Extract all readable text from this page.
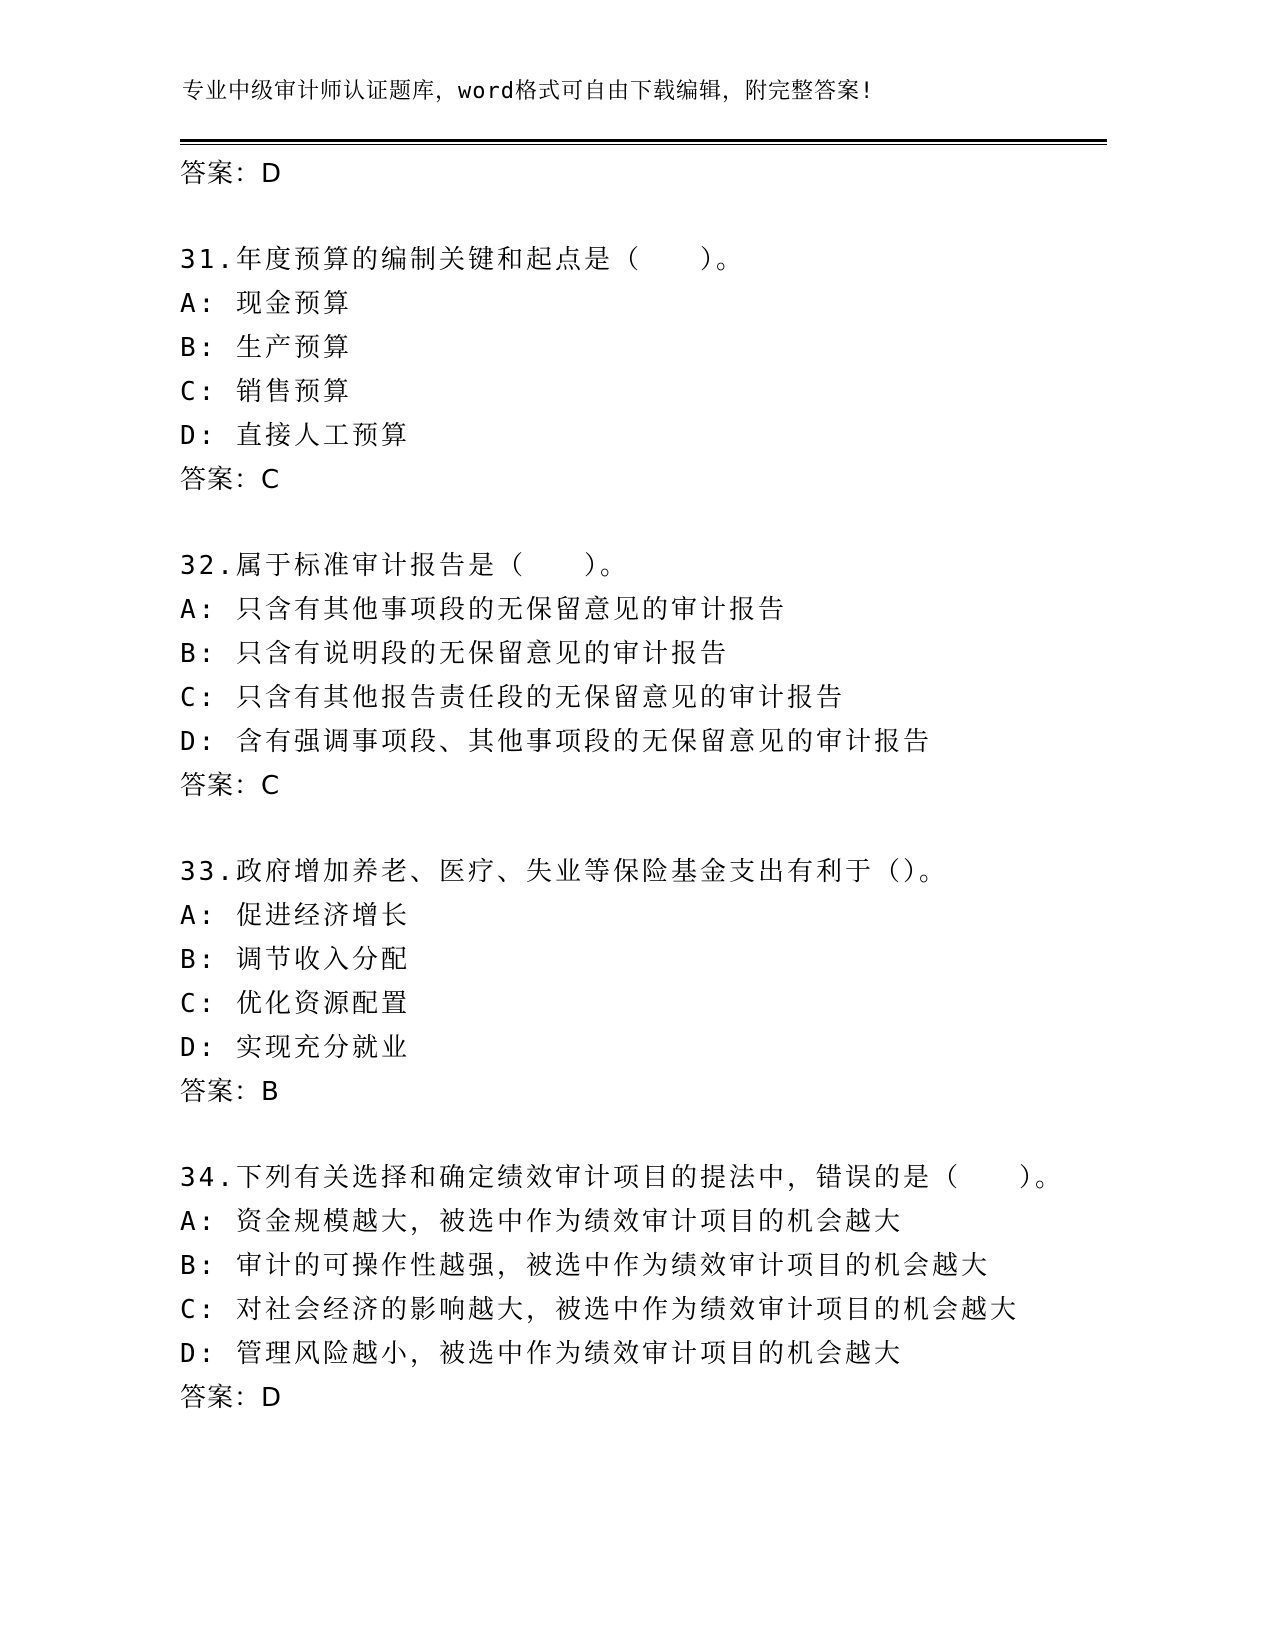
专业中级审计师认证题库，word格式可自由下载编辑，附完整答案!
答案：D
31.年度预算的编制关键和起点是（　　）。
A: 现金预算
B: 生产预算
C: 销售预算
D: 直接人工预算
答案：C
32.属于标准审计报告是（　　）。
A: 只含有其他事项段的无保留意见的审计报告
B: 只含有说明段的无保留意见的审计报告
C: 只含有其他报告责任段的无保留意见的审计报告
D: 含有强调事项段、其他事项段的无保留意见的审计报告
答案：C
33.政府增加养老、医疗、失业等保险基金支出有利于（）。
A: 促进经济增长
B: 调节收入分配
C: 优化资源配置
D: 实现充分就业
答案：B
34.下列有关选择和确定绩效审计项目的提法中，错误的是（　　）。
A: 资金规模越大，被选中作为绩效审计项目的机会越大
B: 审计的可操作性越强，被选中作为绩效审计项目的机会越大
C: 对社会经济的影响越大，被选中作为绩效审计项目的机会越大
D: 管理风险越小，被选中作为绩效审计项目的机会越大
答案：D
